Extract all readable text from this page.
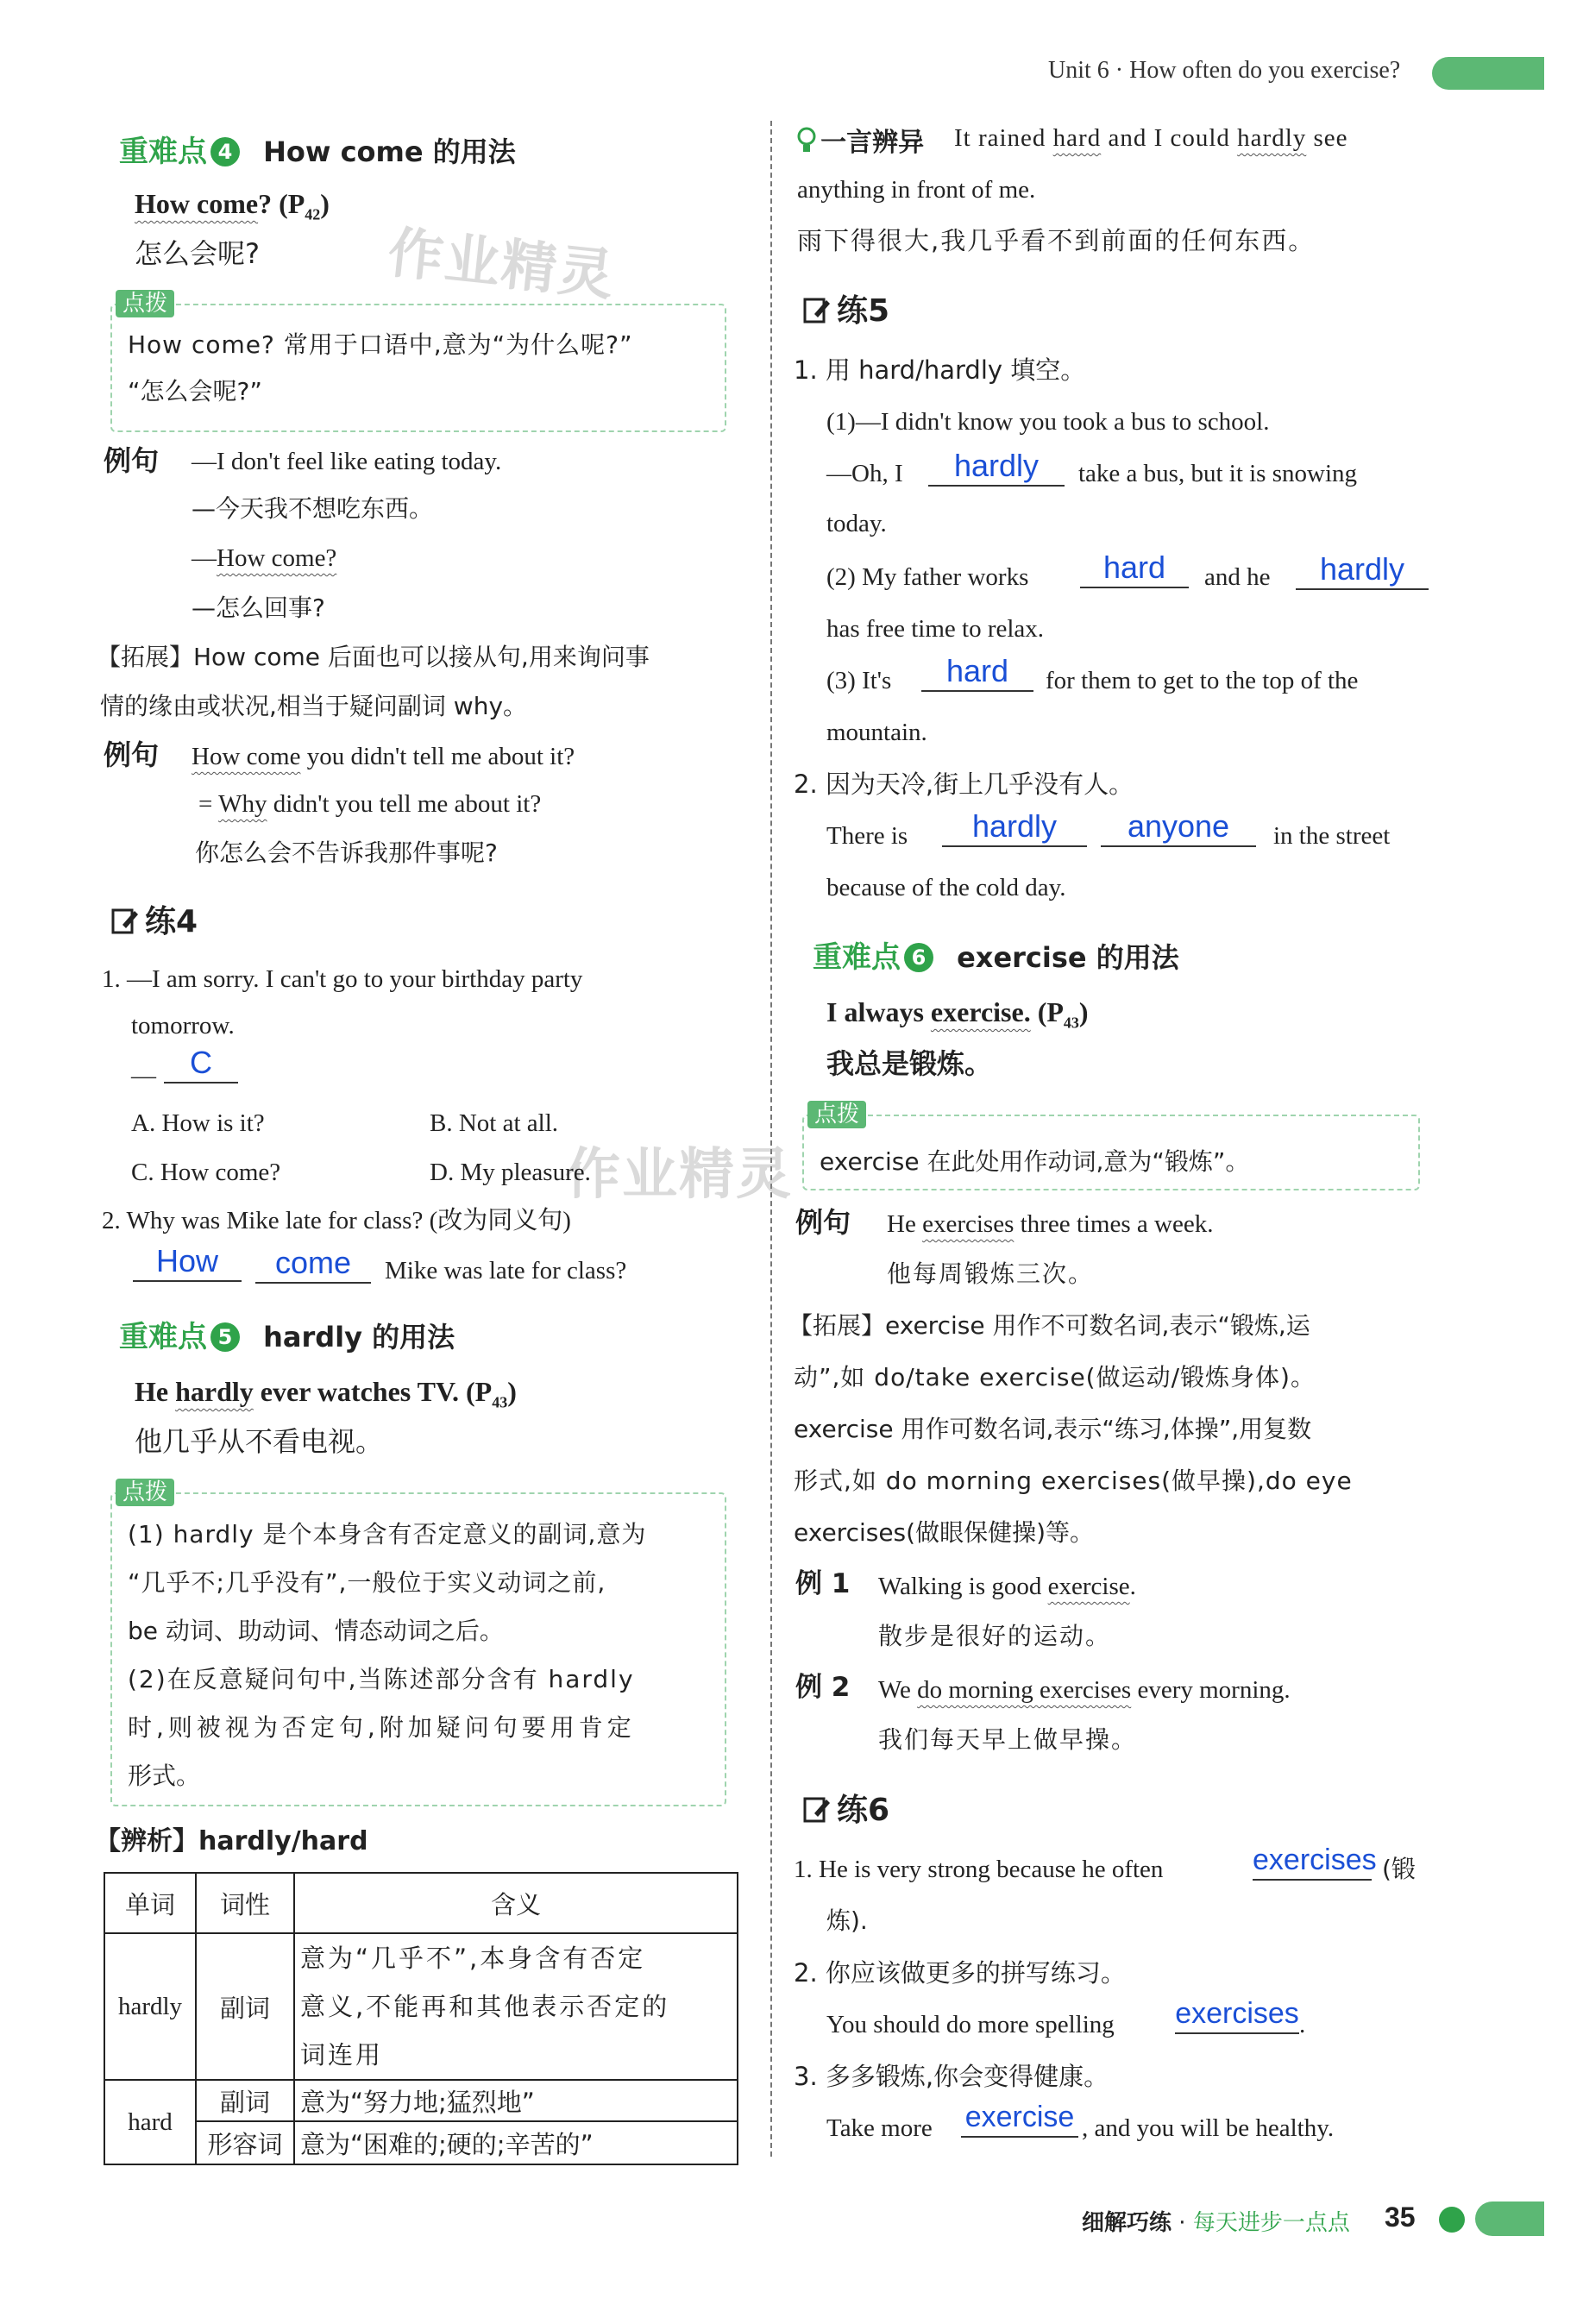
Unit 6 · How often do you exercise?
作业精灵
作业精灵
重难点 4 How come 的用法
How come? $(P_{42})$
怎么会呢?
点拨
How come? 常用于口语中,意为“为什么呢?”
“怎么会呢?”
例句 —I don't feel like eating today.
—今天我不想吃东西。
—How come?
—怎么回事?
【拓展】How come 后面也可以接从句,用来询问事
情的缘由或状况,相当于疑问副词 why。
例句 How come you didn't tell me about it?
= Why didn't you tell me about it?
你怎么会不告诉我那件事呢?
练4
1. —I am sorry. I can't go to your birthday party
tomorrow.
—	C
A. How is it?	B. Not at all.
C. How come?	D. My pleasure.
2. Why was Mike late for class? (改为同义句)
How	come	Mike was late for class?
重难点 5 hardly 的用法
He hardly ever watches TV. $(P_{43})$
他几乎从不看电视。
点拨
(1) hardly 是个本身含有否定意义的副词,意为
“几乎不;几乎没有”,一般位于实义动词之前,
be 动词、助动词、情态动词之后。
(2)在反意疑问句中,当陈述部分含有 hardly
时,则被视为否定句,附加疑问句要用肯定
形式。
【辨析】hardly/hard
单词	词性	含义
hardly	副词	意为“几乎不”,本身含有否定
意义,不能再和其他表示否定的
词连用

hard	副词	意为“努力地;猛烈地”
	形容词	意为“困难的;硬的;辛苦的”
一言辨异 It rained hard and I could hardly see
anything in front of me.
雨下得很大,我几乎看不到前面的任何东西。
练5
1. 用 hard/hardly 填空。
(1)—I didn't know you took a bus to school.
—Oh, I	hardly	take a bus, but it is snowing
today.
(2) My father works	hard	and he	hardly
has free time to relax.
(3) It's	hard	for them to get to the top of the
mountain.
2. 因为天冷,街上几乎没有人。
There is	hardly	anyone	in the street
because of the cold day.
重难点 6 exercise 的用法
I always exercise. $(P_{43})$
我总是锻炼。
点拨
exercise 在此处用作动词,意为“锻炼”。
例句 He exercises three times a week.
他每周锻炼三次。
【拓展】exercise 用作不可数名词,表示“锻炼,运
动”,如 do/take exercise(做运动/锻炼身体)。
exercise 用作可数名词,表示“练习,体操”,用复数
形式,如 do morning exercises(做早操),do eye
exercises(做眼保健操)等。
例 1 Walking is good exercise.
散步是很好的运动。
例 2 We do morning exercises every morning.
我们每天早上做早操。
练6
1. He is very strong because he often	exercises (锻
炼).
2. 你应该做更多的拼写练习。
You should do more spelling exercises .
3. 多多锻炼,你会变得健康。
Take more exercise , and you will be healthy.
细解巧练 · 每天进步一点点 35
